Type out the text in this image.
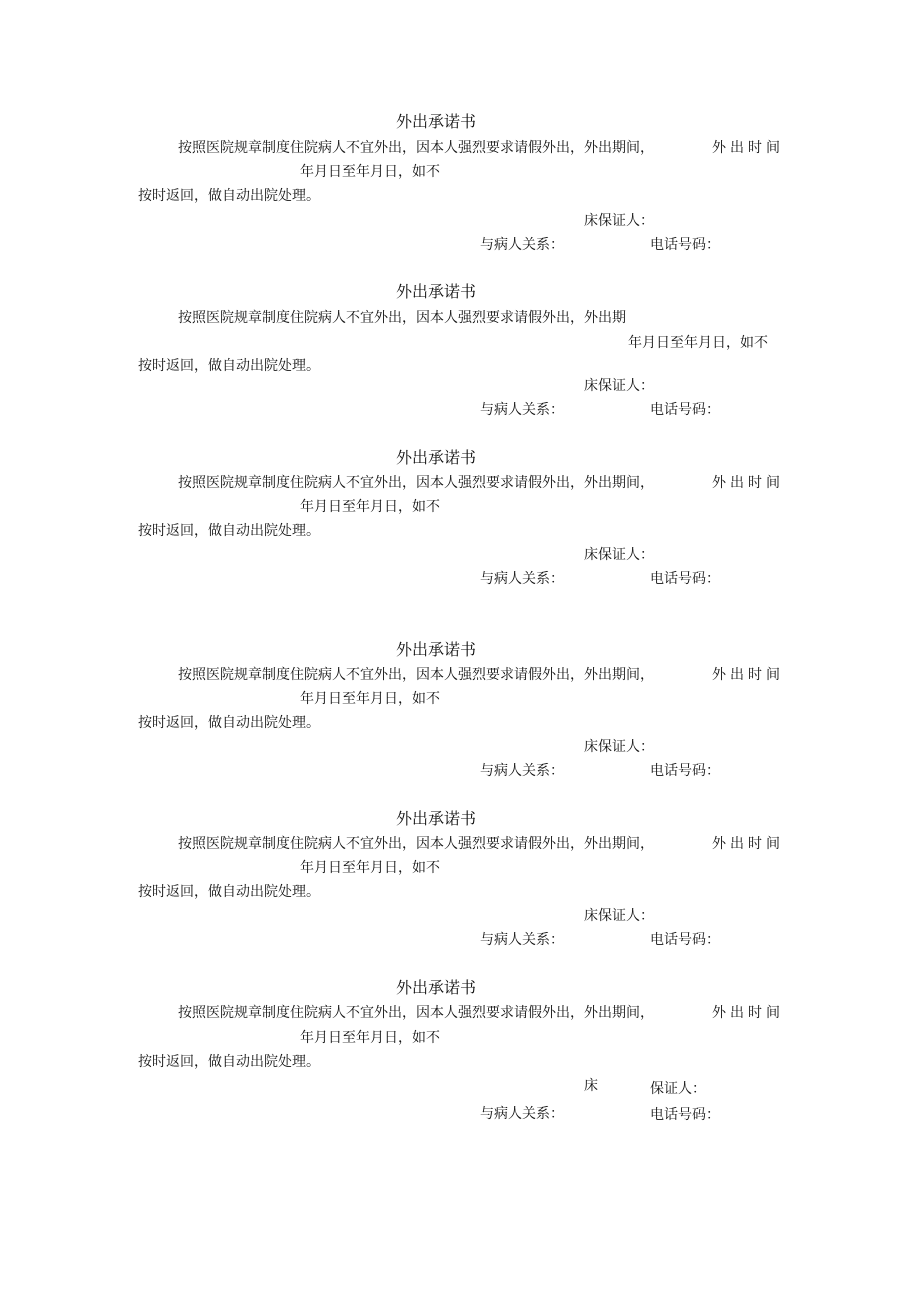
外出承诺书
按照医院规章制度住院病人不宜外出，因本人强烈要求请假外出，外出期间，	外出时间
年月日至年月日，如不
按时返回，做自动出院处理。
床 保证人：
与病人关系：	电话号码：
外出承诺书
按照医院规章制度住院病人不宜外出，因本人强烈要求请假外出，外出期
年月日至年月日，如不
按时返回，做自动出院处理。
床 保证人：
与病人关系：	电话号码：
外出承诺书
按照医院规章制度住院病人不宜外出，因本人强烈要求请假外出，外出期间，	外出时间
年月日至年月日，如不
按时返回，做自动出院处理。
床 保证人：
与病人关系：	电话号码：
外出承诺书
按照医院规章制度住院病人不宜外出，因本人强烈要求请假外出，外出期间，	外出时间
年月日至年月日，如不
按时返回，做自动出院处理。
床 保证人：
与病人关系：	电话号码：
外出承诺书
按照医院规章制度住院病人不宜外出，因本人强烈要求请假外出，外出期间，	外出时间
年月日至年月日，如不
按时返回，做自动出院处理。
床 保证人：
与病人关系：	电话号码：
外出承诺书
按照医院规章制度住院病人不宜外出，因本人强烈要求请假外出，外出期间，	外出时间
年月日至年月日，如不
按时返回，做自动出院处理。
床	保证人：
与病人关系：	电话号码：
